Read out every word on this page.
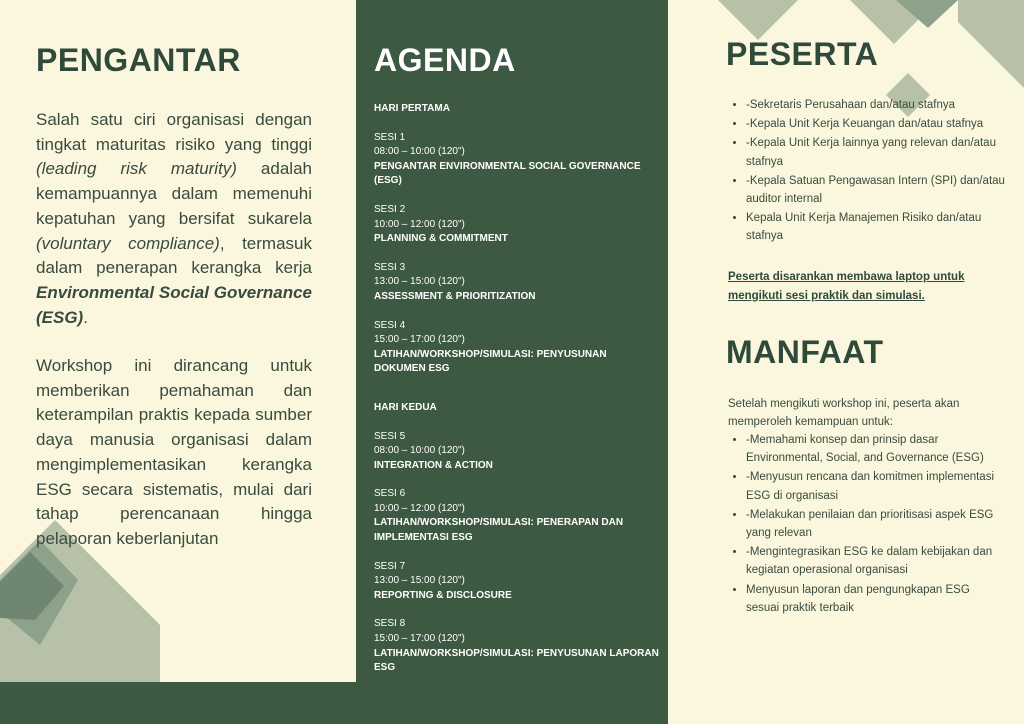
PENGANTAR

Salah satu ciri organisasi dengan tingkat maturitas risiko yang tinggi (leading risk maturity) adalah kemampuannya dalam memenuhi kepatuhan yang bersifat sukarela (voluntary compliance), termasuk dalam penerapan kerangka kerja Environmental Social Governance (ESG).

Workshop ini dirancang untuk memberikan pemahaman dan keterampilan praktis kepada sumber daya manusia organisasi dalam mengimplementasikan kerangka ESG secara sistematis, mulai dari tahap perencanaan hingga pelaporan keberlanjutan

AGENDA
HARI PERTAMA
SESI 1
08:00 – 10:00 (120")
PENGANTAR ENVIRONMENTAL SOCIAL GOVERNANCE (ESG)
SESI 2
10:00 – 12:00 (120")
PLANNING & COMMITMENT
SESI 3
13:00 – 15:00 (120")
ASSESSMENT & PRIORITIZATION
SESI 4
15:00 – 17:00 (120")
LATIHAN/WORKSHOP/SIMULASI: PENYUSUNAN DOKUMEN ESG
HARI KEDUA
SESI 5
08:00 – 10:00 (120")
INTEGRATION & ACTION
SESI 6
10:00 – 12:00 (120")
LATIHAN/WORKSHOP/SIMULASI: PENERAPAN DAN IMPLEMENTASI ESG
SESI 7
13:00 – 15:00 (120")
REPORTING & DISCLOSURE
SESI 8
15:00 – 17:00 (120")
LATIHAN/WORKSHOP/SIMULASI: PENYUSUNAN LAPORAN ESG
PESERTA
• -Sekretaris Perusahaan dan/atau stafnya
• -Kepala Unit Kerja Keuangan dan/atau stafnya
• -Kepala Unit Kerja lainnya yang relevan dan/atau stafnya
• -Kepala Satuan Pengawasan Intern (SPI) dan/atau auditor internal
• Kepala Unit Kerja Manajemen Risiko dan/atau stafnya
Peserta disarankan membawa laptop untuk mengikuti sesi praktik dan simulasi.
MANFAAT
Setelah mengikuti workshop ini, peserta akan memperoleh kemampuan untuk:
• -Memahami konsep dan prinsip dasar Environmental, Social, and Governance (ESG)
• -Menyusun rencana dan komitmen implementasi ESG di organisasi
• -Melakukan penilaian dan prioritisasi aspek ESG yang relevan
• -Mengintegrasikan ESG ke dalam kebijakan dan kegiatan operasional organisasi
• Menyusun laporan dan pengungkapan ESG sesuai praktik terbaik
